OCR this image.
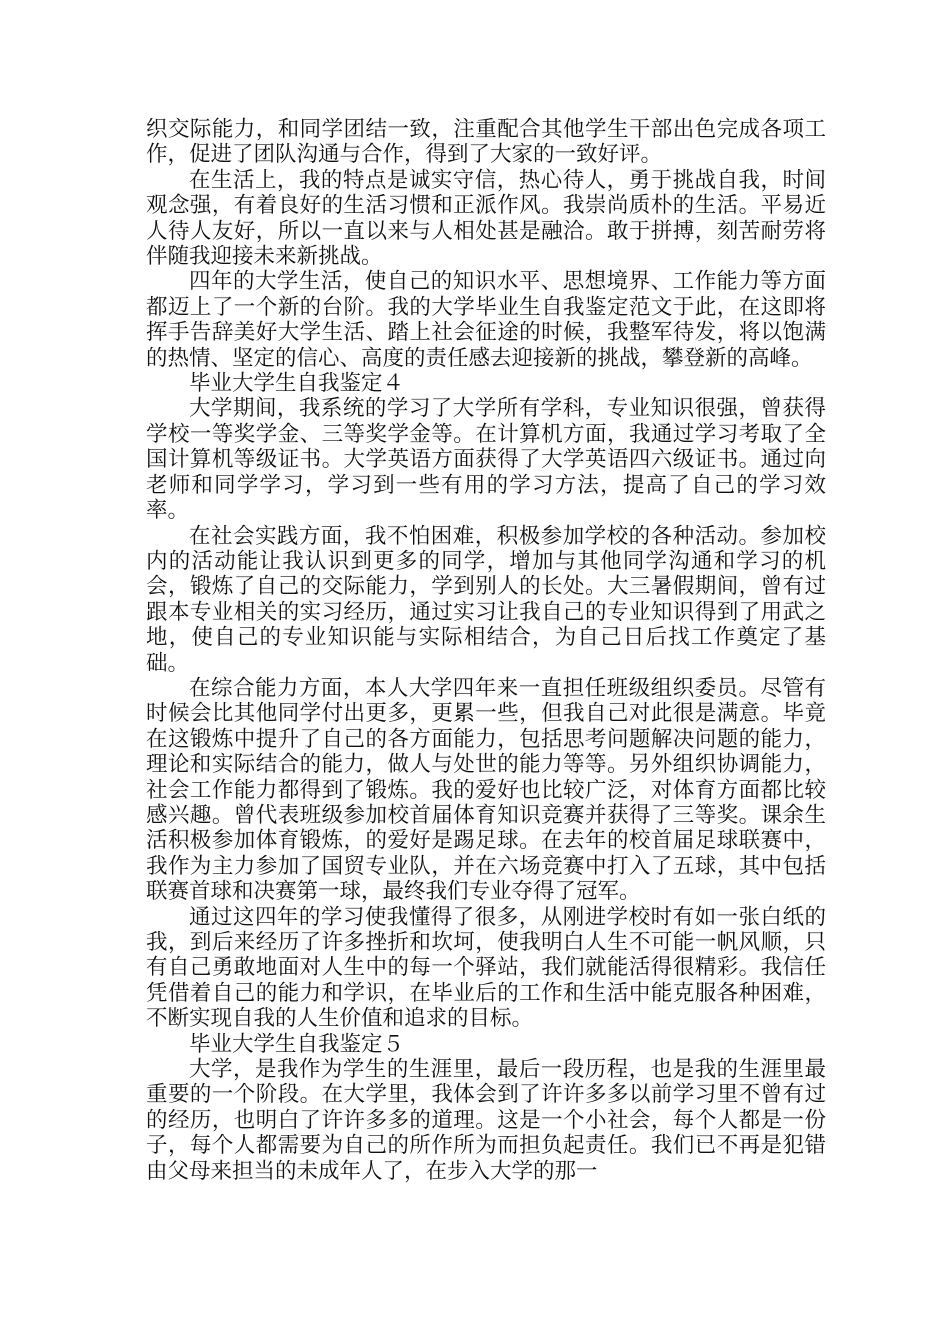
织交际能力，和同学团结一致，注重配合其他学生干部出色完成各项工作，促进了团队沟通与合作，得到了大家的一致好评。

在生活上，我的特点是诚实守信，热心待人，勇于挑战自我，时间观念强，有着良好的生活习惯和正派作风。我崇尚质朴的生活。平易近人待人友好，所以一直以来与人相处甚是融洽。敢于拼搏，刻苦耐劳将伴随我迎接未来新挑战。

四年的大学生活，使自己的知识水平、思想境界、工作能力等方面都迈上了一个新的台阶。我的大学毕业生自我鉴定范文于此，在这即将挥手告辞美好大学生活、踏上社会征途的时候，我整军待发，将以饱满的热情、坚定的信心、高度的责任感去迎接新的挑战，攀登新的高峰。

毕业大学生自我鉴定４

大学期间，我系统的学习了大学所有学科，专业知识很强，曾获得学校一等奖学金、三等奖学金等。在计算机方面，我通过学习考取了全国计算机等级证书。大学英语方面获得了大学英语四六级证书。通过向老师和同学学习，学习到一些有用的学习方法，提高了自己的学习效率。

在社会实践方面，我不怕困难，积极参加学校的各种活动。参加校内的活动能让我认识到更多的同学，增加与其他同学沟通和学习的机会，锻炼了自己的交际能力，学到别人的长处。大三暑假期间，曾有过跟本专业相关的实习经历，通过实习让我自己的专业知识得到了用武之地，使自己的专业知识能与实际相结合，为自己日后找工作奠定了基础。

在综合能力方面，本人大学四年来一直担任班级组织委员。尽管有时候会比其他同学付出更多，更累一些，但我自己对此很是满意。毕竟在这锻炼中提升了自己的各方面能力，包括思考问题解决问题的能力，理论和实际结合的能力，做人与处世的能力等等。另外组织协调能力，社会工作能力都得到了锻炼。我的爱好也比较广泛，对体育方面都比较感兴趣。曾代表班级参加校首届体育知识竞赛并获得了三等奖。课余生活积极参加体育锻炼，的爱好是踢足球。在去年的校首届足球联赛中，我作为主力参加了国贸专业队，并在六场竞赛中打入了五球，其中包括联赛首球和决赛第一球，最终我们专业夺得了冠军。

通过这四年的学习使我懂得了很多，从刚进学校时有如一张白纸的我，到后来经历了许多挫折和坎坷，使我明白人生不可能一帆风顺，只有自己勇敢地面对人生中的每一个驿站，我们就能活得很精彩。我信任凭借着自己的能力和学识，在毕业后的工作和生活中能克服各种困难，不断实现自我的人生价值和追求的目标。

毕业大学生自我鉴定５

大学，是我作为学生的生涯里，最后一段历程，也是我的生涯里最重要的一个阶段。在大学里，我体会到了许许多多以前学习里不曾有过的经历，也明白了许许多多的道理。这是一个小社会，每个人都是一份子，每个人都需要为自己的所作所为而担负起责任。我们已不再是犯错由父母来担当的未成年人了，在步入大学的那一
